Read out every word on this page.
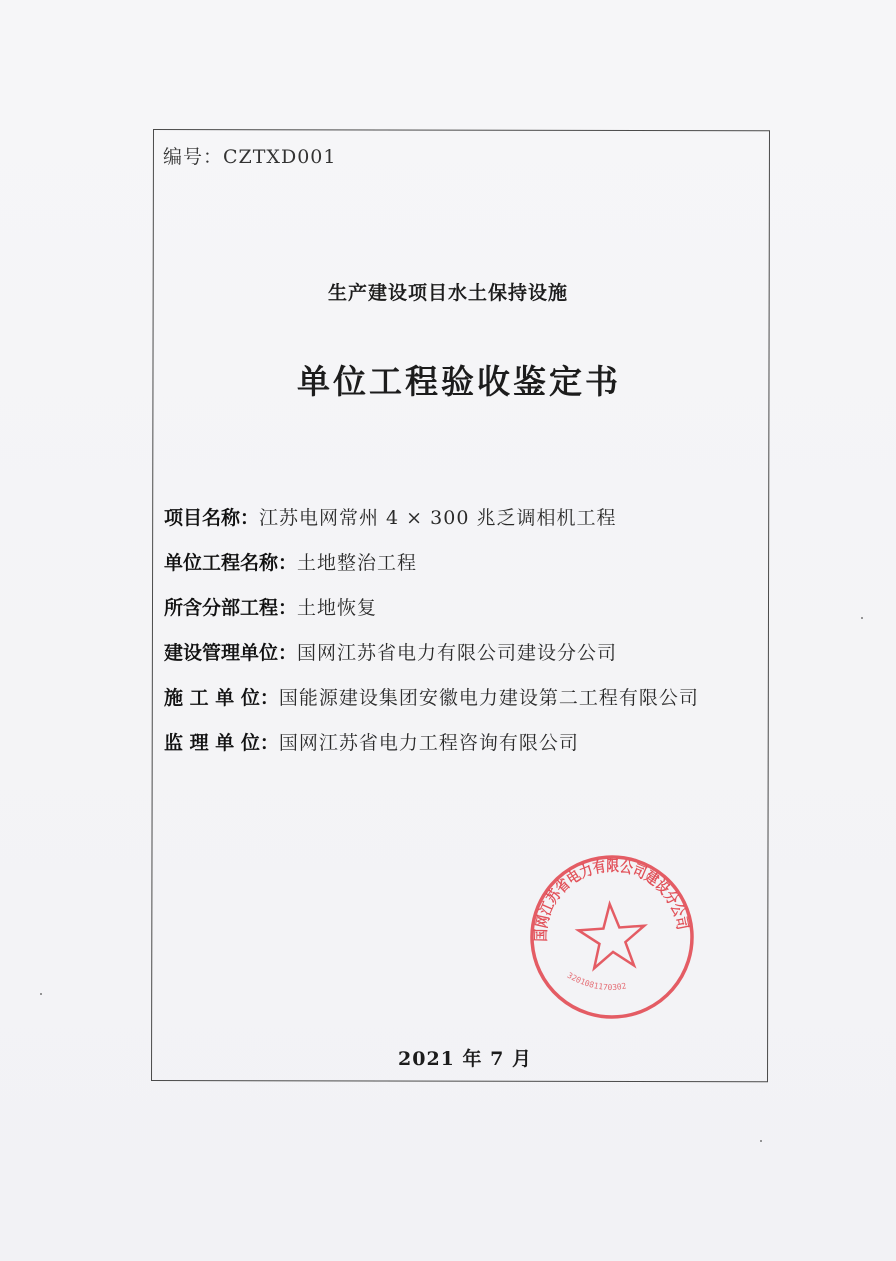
编号：CZTXD001
生产建设项目水土保持设施
单位工程验收鉴定书
项目名称：江苏电网常州 4 × 300 兆乏调相机工程
单位工程名称：土地整治工程
所含分部工程：土地恢复
建设管理单位：国网江苏省电力有限公司建设分公司
施 工 单 位：国能源建设集团安徽电力建设第二工程有限公司
监 理 单 位：国网江苏省电力工程咨询有限公司
国网江苏省电力有限公司建设分公司
3201081170302
2021 年 7 月
